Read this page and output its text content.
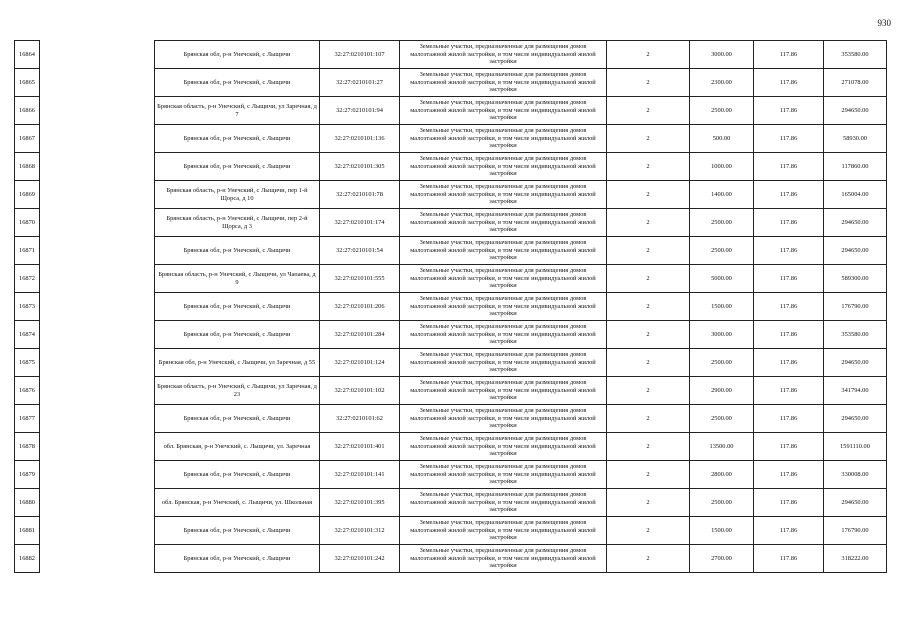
930
16864		Брянская обл, р-н Унечский, с Лыщичи	32:27:0210101:107	Земельные участки, предназначенные для размещения домов малоэтажной жилой застройки, в том числе индивидуальной жилой застройки	2	3000.00	117.86	353580.00
16865		Брянская обл, р-н Унечский, с Лыщичи	32:27:0210101:27	Земельные участки, предназначенные для размещения домов малоэтажной жилой застройки, в том числе индивидуальной жилой застройки	2	2300.00	117.86	271078.00
16866		Брянская область, р-н Унечский, с Лыщичи, ул Заречная, д 7	32:27:0210101:94	Земельные участки, предназначенные для размещения домов малоэтажной жилой застройки, в том числе индивидуальной жилой застройки	2	2500.00	117.86	294650.00
16867		Брянская обл, р-н Унечский, с Лыщичи	32:27:0210101:136	Земельные участки, предназначенные для размещения домов малоэтажной жилой застройки, в том числе индивидуальной жилой застройки	2	500.00	117.86	58930.00
16868		Брянская обл, р-н Унечский, с Лыщичи	32:27:0210101:305	Земельные участки, предназначенные для размещения домов малоэтажной жилой застройки, в том числе индивидуальной жилой застройки	2	1000.00	117.86	117860.00
16869		Брянская область, р-н Унечский, с Лыщичи, пер 1-й Щорса, д 10	32:27:0210101:78	Земельные участки, предназначенные для размещения домов малоэтажной жилой застройки, в том числе индивидуальной жилой застройки	2	1400.00	117.86	165004.00
16870		Брянская область, р-н Унечский, с Лыщичи, пер 2-й Щорса, д 3	32:27:0210101:174	Земельные участки, предназначенные для размещения домов малоэтажной жилой застройки, в том числе индивидуальной жилой застройки	2	2500.00	117.86	294650.00
16871		Брянская обл, р-н Унечский, с Лыщичи	32:27:0210101:54	Земельные участки, предназначенные для размещения домов малоэтажной жилой застройки, в том числе индивидуальной жилой застройки	2	2500.00	117.86	294650.00
16872		Брянская область, р-н Унечский, с Лыщичи, ул Чапаева, д 9	32:27:0210101:555	Земельные участки, предназначенные для размещения домов малоэтажной жилой застройки, в том числе индивидуальной жилой застройки	2	5000.00	117.86	589300.00
16873		Брянская обл, р-н Унечский, с Лыщичи	32:27:0210101:206	Земельные участки, предназначенные для размещения домов малоэтажной жилой застройки, в том числе индивидуальной жилой застройки	2	1500.00	117.86	176790.00
16874		Брянская обл, р-н Унечский, с Лыщичи	32:27:0210101:284	Земельные участки, предназначенные для размещения домов малоэтажной жилой застройки, в том числе индивидуальной жилой застройки	2	3000.00	117.86	353580.00
16875		Брянская обл, р-н Унечский, с Лыщичи, ул Заречная, д 55	32:27:0210101:124	Земельные участки, предназначенные для размещения домов малоэтажной жилой застройки, в том числе индивидуальной жилой застройки	2	2500.00	117.86	294650.00
16876		Брянская область, р-н Унечский, с Лыщичи, ул Заречная, д 23	32:27:0210101:102	Земельные участки, предназначенные для размещения домов малоэтажной жилой застройки, в том числе индивидуальной жилой застройки	2	2900.00	117.86	341794.00
16877		Брянская обл, р-н Унечский, с Лыщичи	32:27:0210101:62	Земельные участки, предназначенные для размещения домов малоэтажной жилой застройки, в том числе индивидуальной жилой застройки	2	2500.00	117.86	294650.00
16878		обл. Брянская, р-н Унечский, с. Лыщичи, ул. Заречная	32:27:0210101:401	Земельные участки, предназначенные для размещения домов малоэтажной жилой застройки, в том числе индивидуальной жилой застройки	2	13500.00	117.86	1591110.00
16879		Брянская обл, р-н Унечский, с Лыщичи	32:27:0210101:141	Земельные участки, предназначенные для размещения домов малоэтажной жилой застройки, в том числе индивидуальной жилой застройки	2	2800.00	117.86	330008.00
16880		обл. Брянская, р-н Унечский, с. Лыщичи, ул. Школьная	32:27:0210101:395	Земельные участки, предназначенные для размещения домов малоэтажной жилой застройки, в том числе индивидуальной жилой застройки	2	2500.00	117.86	294650.00
16881		Брянская обл, р-н Унечский, с Лыщичи	32:27:0210101:312	Земельные участки, предназначенные для размещения домов малоэтажной жилой застройки, в том числе индивидуальной жилой застройки	2	1500.00	117.86	176790.00
16882		Брянская обл, р-н Унечский, с Лыщичи	32:27:0210101:242	Земельные участки, предназначенные для размещения домов малоэтажной жилой застройки, в том числе индивидуальной жилой застройки	2	2700.00	117.86	318222.00
